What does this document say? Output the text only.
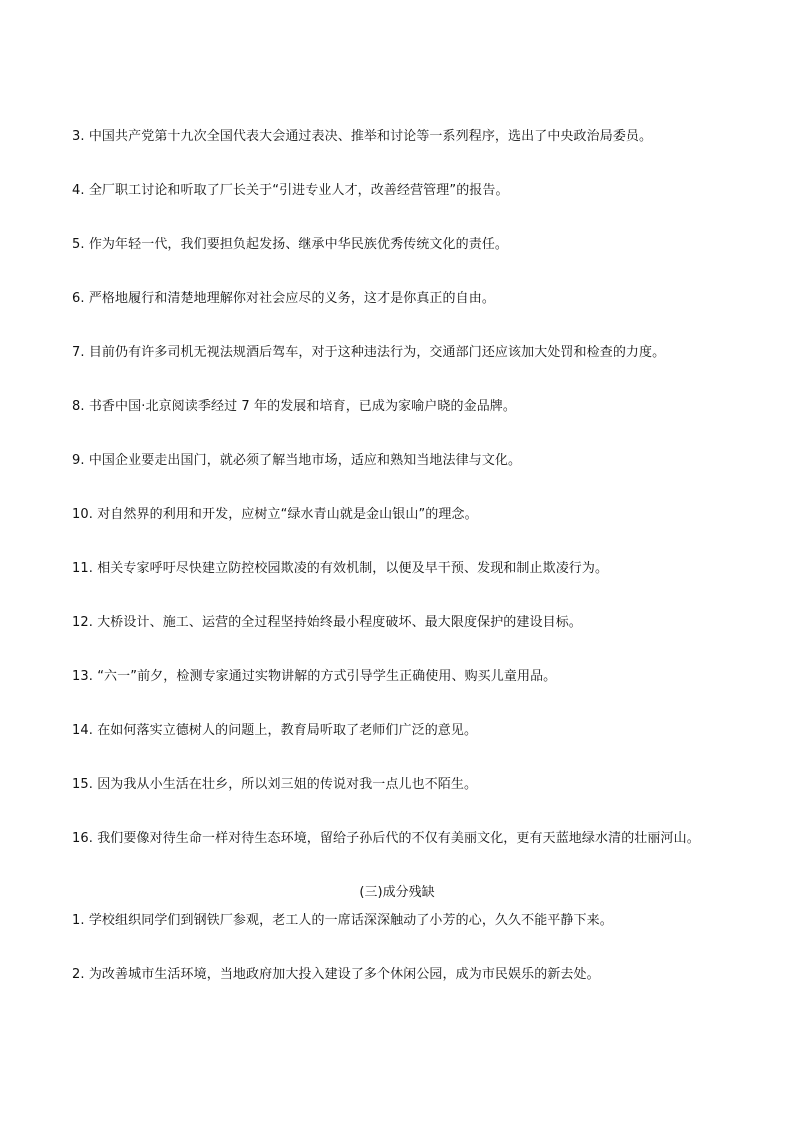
3. 中国共产党第十九次全国代表大会通过表决、推举和讨论等一系列程序，选出了中央政治局委员。
4. 全厂职工讨论和听取了厂长关于“引进专业人才，改善经营管理”的报告。
5. 作为年轻一代，我们要担负起发扬、继承中华民族优秀传统文化的责任。
6. 严格地履行和清楚地理解你对社会应尽的义务，这才是你真正的自由。
7. 目前仍有许多司机无视法规酒后驾车，对于这种违法行为，交通部门还应该加大处罚和检查的力度。
8. 书香中国·北京阅读季经过 7 年的发展和培育，已成为家喻户晓的金品牌。
9. 中国企业要走出国门，就必须了解当地市场，适应和熟知当地法律与文化。
10. 对自然界的利用和开发，应树立“绿水青山就是金山银山”的理念。
11. 相关专家呼吁尽快建立防控校园欺凌的有效机制，以便及早干预、发现和制止欺凌行为。
12. 大桥设计、施工、运营的全过程坚持始终最小程度破坏、最大限度保护的建设目标。
13. “六一”前夕，检测专家通过实物讲解的方式引导学生正确使用、购买儿童用品。
14. 在如何落实立德树人的问题上，教育局听取了老师们广泛的意见。
15. 因为我从小生活在壮乡，所以刘三姐的传说对我一点儿也不陌生。
16. 我们要像对待生命一样对待生态环境，留给子孙后代的不仅有美丽文化，更有天蓝地绿水清的壮丽河山。
(三)成分残缺
1. 学校组织同学们到钢铁厂参观，老工人的一席话深深触动了小芳的心，久久不能平静下来。
2. 为改善城市生活环境，当地政府加大投入建设了多个休闲公园，成为市民娱乐的新去处。
